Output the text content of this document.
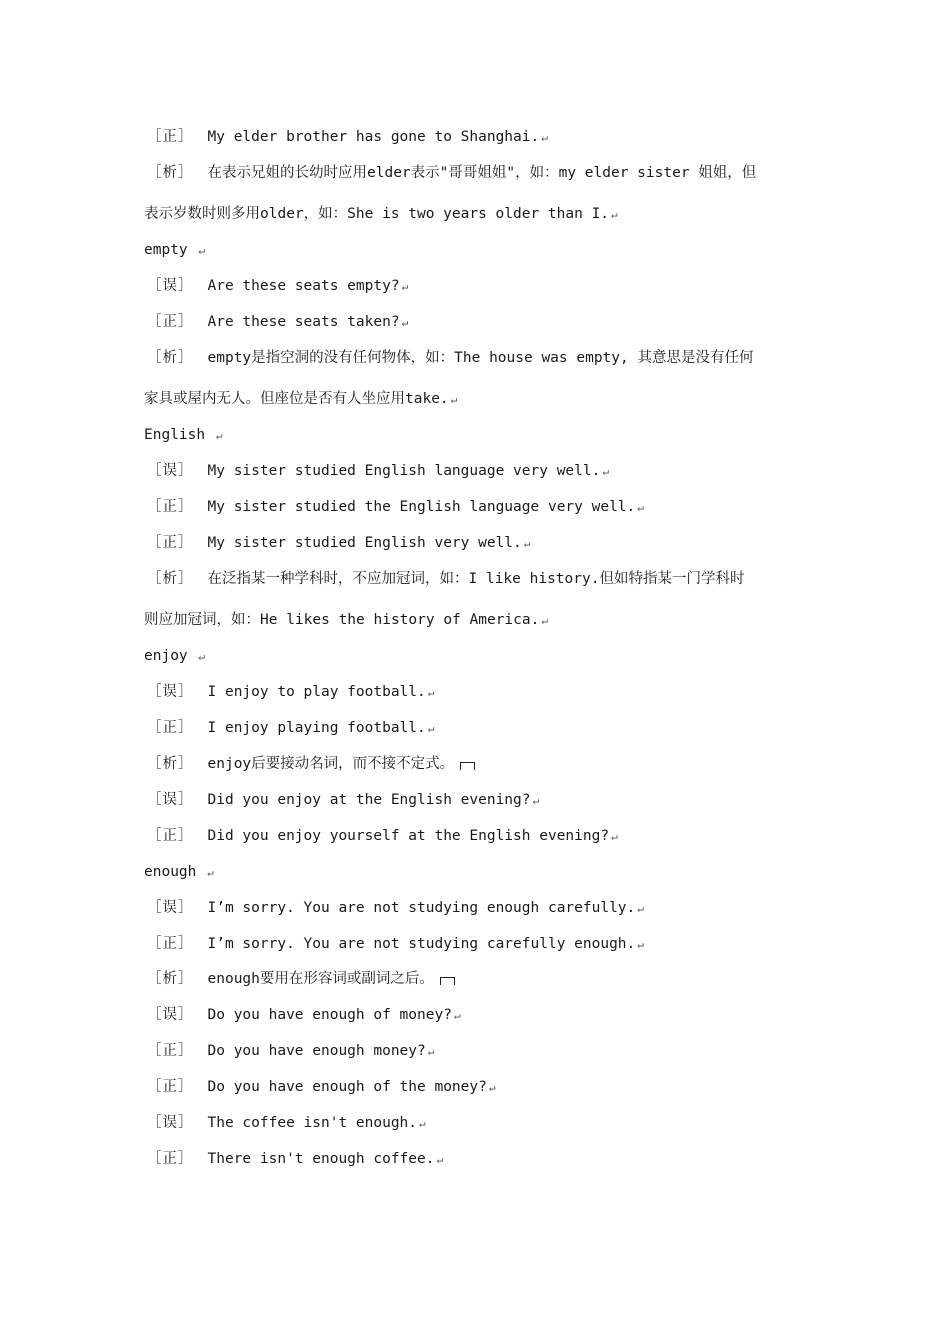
［正］ My elder brother has gone to Shanghai. ↵
［析］ 在表示兄姐的长幼时应用elder表示"哥哥姐姐"，如：my elder sister 姐姐，但
表示岁数时则多用older，如：She is two years older than I. ↵
empty ↵
［误］ Are these seats empty? ↵
［正］ Are these seats taken? ↵
［析］ empty是指空洞的没有任何物体，如：The house was empty, 其意思是没有任何
家具或屋内无人。但座位是否有人坐应用take. ↵
English ↵
［误］ My sister studied English language very well. ↵
［正］ My sister studied the English language very well. ↵
［正］ My sister studied English very well. ↵
［析］ 在泛指某一种学科时，不应加冠词，如：I like history.但如特指某一门学科时
则应加冠词，如：He likes the history of America. ↵
enjoy ↵
［误］ I enjoy to play football. ↵
［正］ I enjoy playing football. ↵
［析］ enjoy后要接动名词，而不接不定式。
［误］ Did you enjoy at the English evening? ↵
［正］ Did you enjoy yourself at the English evening? ↵
enough ↵
［误］ I’m sorry. You are not studying enough carefully. ↵
［正］ I’m sorry. You are not studying carefully enough. ↵
［析］ enough要用在形容词或副词之后。
［误］ Do you have enough of money? ↵
［正］ Do you have enough money? ↵
［正］ Do you have enough of the money? ↵
［误］ The coffee isn't enough. ↵
［正］ There isn't enough coffee. ↵
